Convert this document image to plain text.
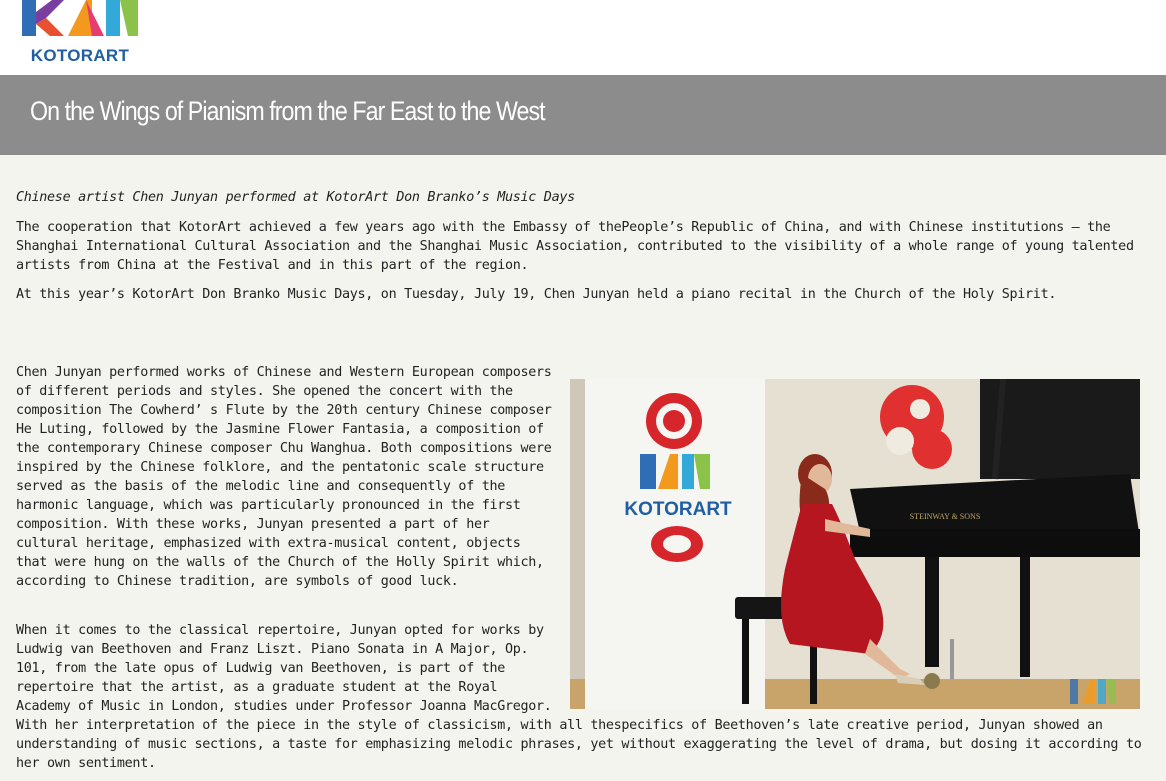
KOTORART
On the Wings of Pianism from the Far East to the West
Chinese artist Chen Junyan performed at KotorArt Don Branko’s Music Days
The cooperation that KotorArt achieved a few years ago with the Embassy of thePeople’s Republic of China, and with Chinese institutions – the Shanghai International Cultural Association and the Shanghai Music Association, contributed to the visibility of a whole range of young talented artists from China at the Festival and in this part of the region.
At this year’s KotorArt Don Branko Music Days, on Tuesday, July 19, Chen Junyan held a piano recital in the Church of the Holy Spirit.
Chen Junyan performed works of Chinese and Western European composers of different periods and styles. She opened the concert with the composition The Cowherd’ s Flute by the 20th century Chinese composer He Luting, followed by the Jasmine Flower Fantasia, a composition of the contemporary Chinese composer Chu Wanghua. Both compositions were inspired by the Chinese folklore, and the pentatonic scale structure served as the basis of the melodic line and consequently of the harmonic language, which was particularly pronounced in the first composition. With these works, Junyan presented a part of her cultural heritage, emphasized with extra-musical content, objects that were hung on the walls of the Church of the Holly Spirit which, according to Chinese tradition, are symbols of good luck.
When it comes to the classical repertoire, Junyan opted for works by Ludwig van Beethoven and Franz Liszt. Piano Sonata in A Major, Op. 101, from the late opus of Ludwig van Beethoven, is part of the repertoire that the artist, as a graduate student at the Royal Academy of Music in London, studies under Professor Joanna MacGregor. With her interpretation of the piece in the style of classicism, with all thespecifics of Beethoven’s late creative period, Junyan showed an understanding of music sections, a taste for emphasizing melodic phrases, yet without exaggerating the level of drama, but dosing it according to her own sentiment.
KOTORART	STEINWAY & SONS
